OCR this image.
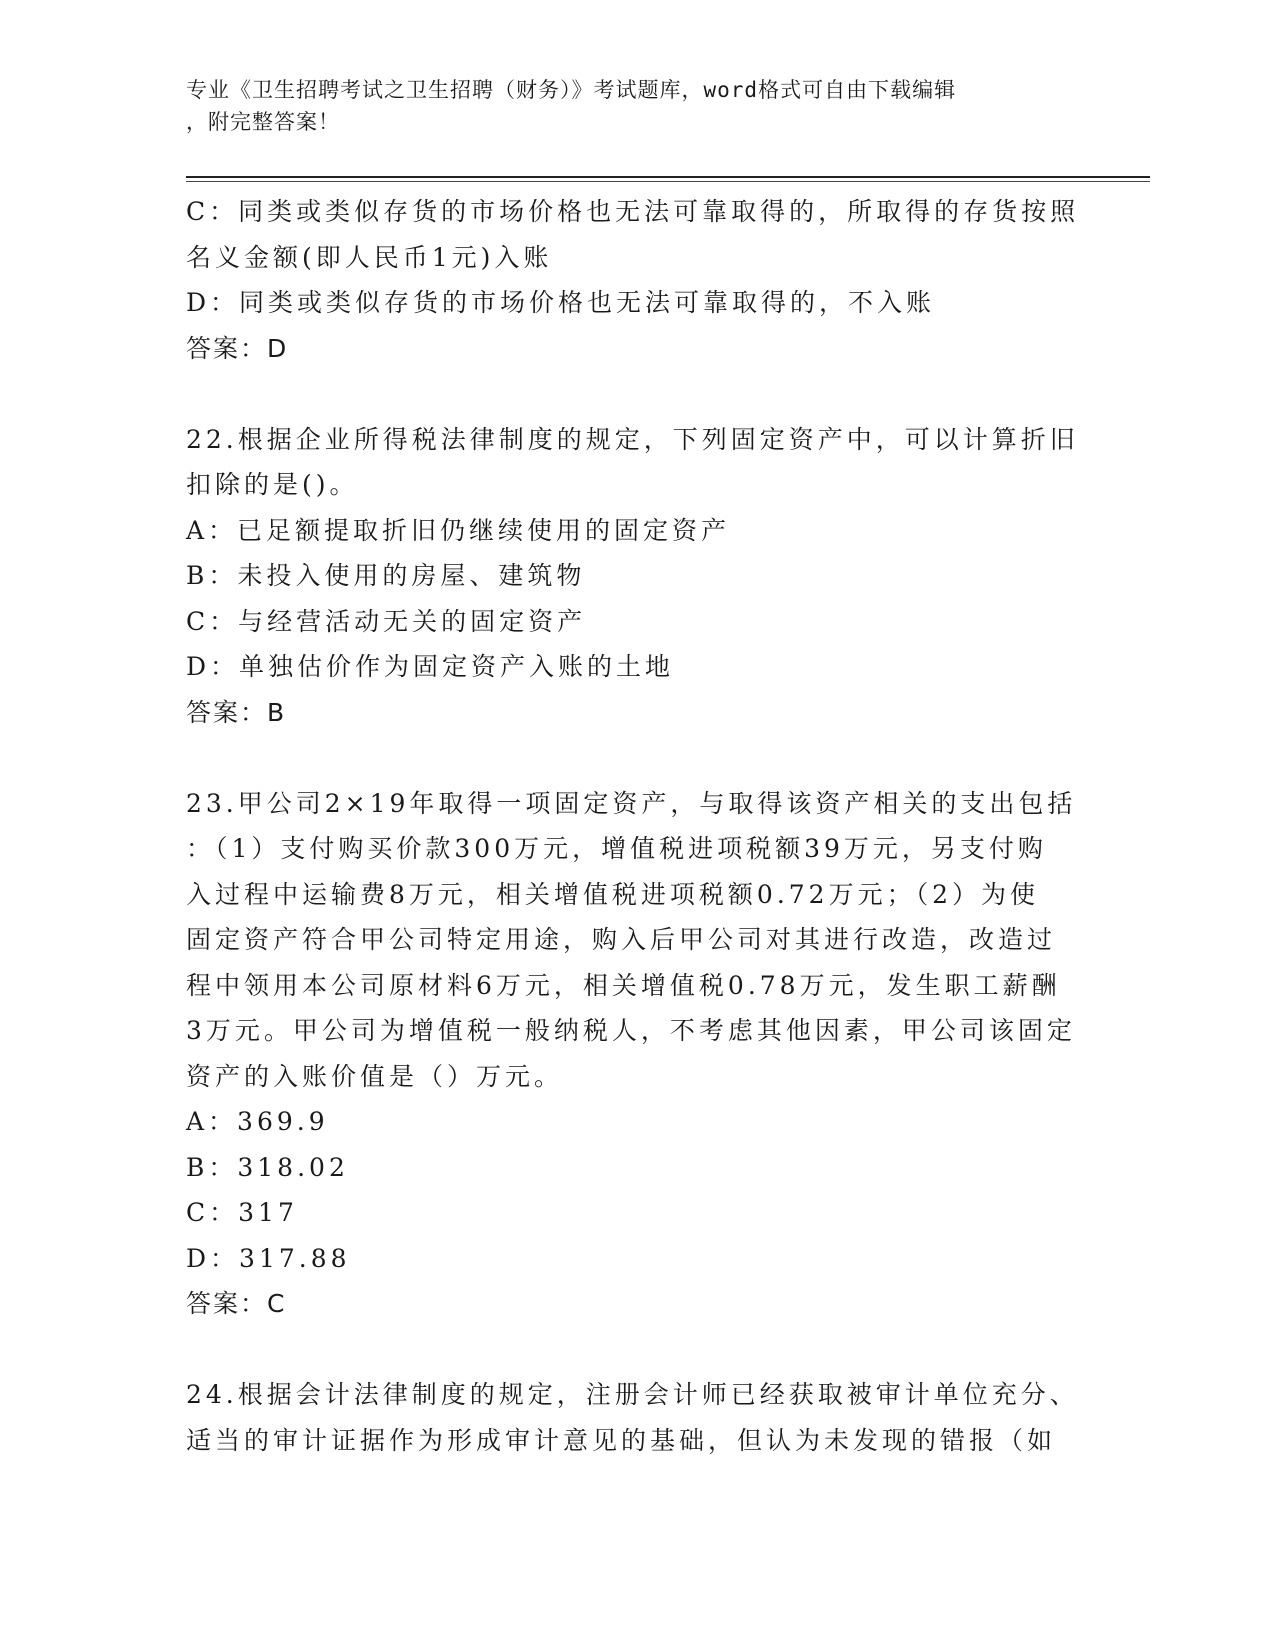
专业《卫生招聘考试之卫生招聘（财务）》考试题库，word格式可自由下载编辑
，附完整答案！
C：同类或类似存货的市场价格也无法可靠取得的，所取得的存货按照
名义金额(即人民币1元)入账
D：同类或类似存货的市场价格也无法可靠取得的，不入账
答案：D
22.根据企业所得税法律制度的规定，下列固定资产中，可以计算折旧
扣除的是()。
A：已足额提取折旧仍继续使用的固定资产
B：未投入使用的房屋、建筑物
C：与经营活动无关的固定资产
D：单独估价作为固定资产入账的土地
答案：B
23.甲公司2×19年取得一项固定资产，与取得该资产相关的支出包括
：（1）支付购买价款300万元，增值税进项税额39万元，另支付购
入过程中运输费8万元，相关增值税进项税额0.72万元；（2）为使
固定资产符合甲公司特定用途，购入后甲公司对其进行改造，改造过
程中领用本公司原材料6万元，相关增值税0.78万元，发生职工薪酬
3万元。甲公司为增值税一般纳税人，不考虑其他因素，甲公司该固定
资产的入账价值是（）万元。
A：369.9
B：318.02
C：317
D：317.88
答案：C
24.根据会计法律制度的规定，注册会计师已经获取被审计单位充分、
适当的审计证据作为形成审计意见的基础，但认为未发现的错报（如
